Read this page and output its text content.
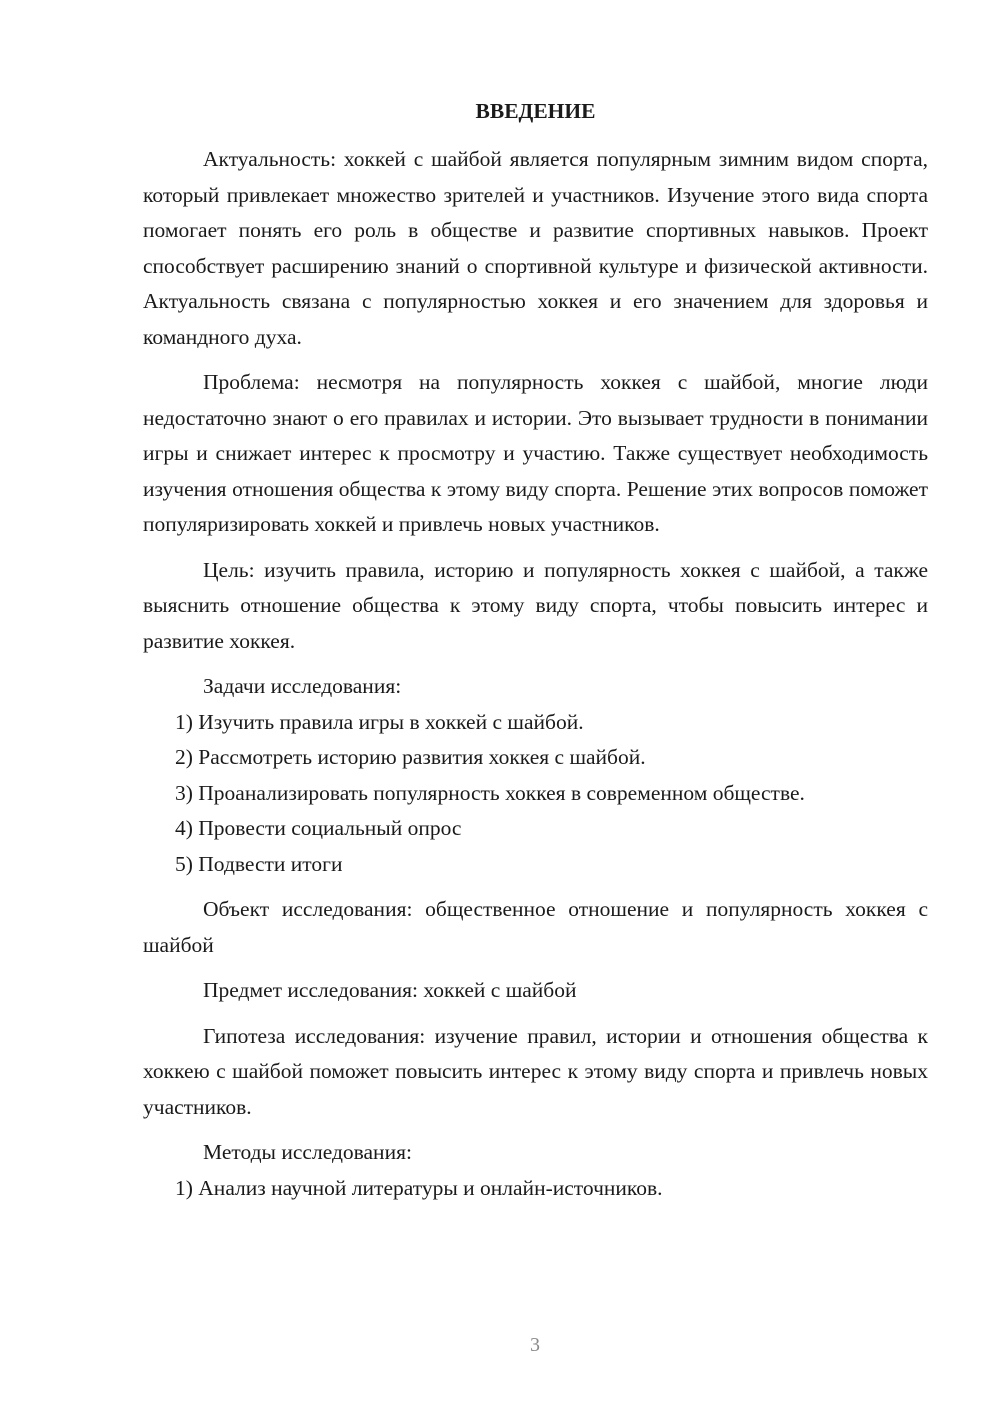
ВВЕДЕНИЕ

Актуальность: хоккей с шайбой является популярным зимним видом спорта, который привлекает множество зрителей и участников. Изучение этого вида спорта помогает понять его роль в обществе и развитие спортивных навыков. Проект способствует расширению знаний о спортивной культуре и физической активности. Актуальность связана с популярностью хоккея и его значением для здоровья и командного духа.

Проблема: несмотря на популярность хоккея с шайбой, многие люди недостаточно знают о его правилах и истории. Это вызывает трудности в понимании игры и снижает интерес к просмотру и участию. Также существует необходимость изучения отношения общества к этому виду спорта. Решение этих вопросов поможет популяризировать хоккей и привлечь новых участников.

Цель: изучить правила, историю и популярность хоккея с шайбой, а также выяснить отношение общества к этому виду спорта, чтобы повысить интерес и развитие хоккея.

Задачи исследования:

1) Изучить правила игры в хоккей с шайбой.

2) Рассмотреть историю развития хоккея с шайбой.

3) Проанализировать популярность хоккея в современном обществе.

4) Провести социальный опрос

5) Подвести итоги

Объект исследования: общественное отношение и популярность хоккея с шайбой

Предмет исследования: хоккей с шайбой

Гипотеза исследования: изучение правил, истории и отношения общества к хоккею с шайбой поможет повысить интерес к этому виду спорта и привлечь новых участников.

Методы исследования:

1) Анализ научной литературы и онлайн-источников.

3
